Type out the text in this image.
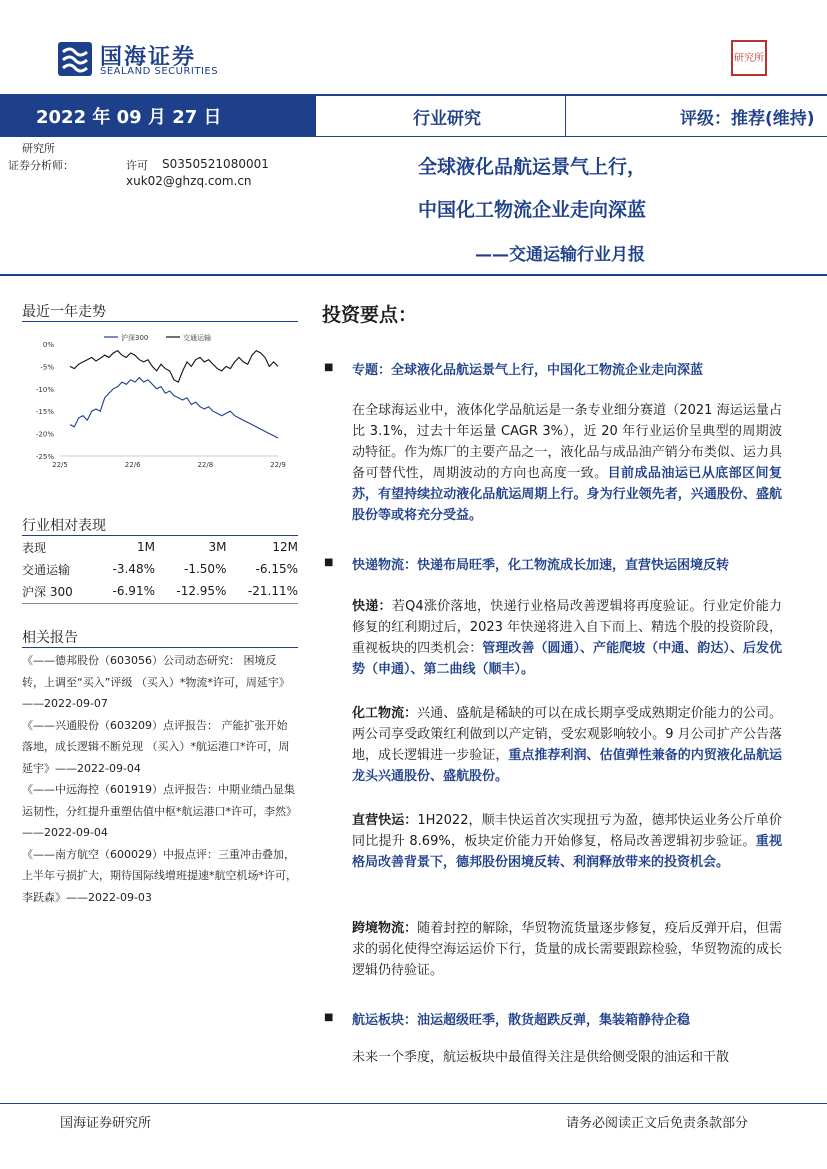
国海证券
SEALAND SECURITIES
研究所
2022 年 09 月 27 日	行业研究	评级：推荐(维持)
研究所
证券分析师：	许可 S0350521080001
xuk02@ghzq.com.cn
全球液化品航运景气上行，
中国化工物流企业走向深蓝
——交通运输行业月报
最近一年走势
0%
-5%
-10%
-15%
-20%
-25%
22/5	22/6	22/8	22/9
沪深300	交通运输
行业相对表现
表现	1M	3M	12M
交通运输	-3.48%	-1.50%	-6.15%
沪深 300	-6.91%	-12.95%	-21.11%
相关报告

《——德邦股份（603056）公司动态研究： 困境反转，上调至“买入”评级 （买入）*物流*许可，周延宇》——2022-09-07

《——兴通股份（603209）点评报告： 产能扩张开始落地，成长逻辑不断兑现 （买入）*航运港口*许可，周延宇》——2022-09-04

《——中远海控（601919）点评报告：中期业绩凸显集运韧性，分红提升重塑估值中枢*航运港口*许可，李然》——2022-09-04

《——南方航空（600029）中报点评：三重冲击叠加，上半年亏损扩大，期待国际线增班提速*航空机场*许可，李跃森》——2022-09-03

投资要点：
■ 专题：全球液化品航运景气上行，中国化工物流企业走向深蓝
在全球海运业中，液体化学品航运是一条专业细分赛道（2021 海运运量占比 3.1%，过去十年运量 CAGR 3%），近 20 年行业运价呈典型的周期波动特征。作为炼厂的主要产品之一，液化品与成品油产销分布类似、运力具备可替代性，周期波动的方向也高度一致。目前成品油运已从底部区间复苏，有望持续拉动液化品航运周期上行。身为行业领先者，兴通股份、盛航股份等或将充分受益。
■ 快递物流：快递布局旺季，化工物流成长加速，直营快运困境反转
快递：若Q4涨价落地，快递行业格局改善逻辑将再度验证。行业定价能力修复的红利期过后，2023 年快递将进入自下而上、精选个股的投资阶段，重视板块的四类机会：管理改善（圆通）、产能爬坡（中通、韵达）、后发优势（申通）、第二曲线（顺丰）。
化工物流：兴通、盛航是稀缺的可以在成长期享受成熟期定价能力的公司。两公司享受政策红利做到以产定销，受宏观影响较小。9 月公司扩产公告落地，成长逻辑进一步验证，重点推荐利润、估值弹性兼备的内贸液化品航运龙头兴通股份、盛航股份。
直营快运：1H2022，顺丰快运首次实现扭亏为盈，德邦快运业务公斤单价同比提升 8.69%，板块定价能力开始修复，格局改善逻辑初步验证。重视格局改善背景下，德邦股份困境反转、利润释放带来的投资机会。
跨境物流：随着封控的解除，华贸物流货量逐步修复，疫后反弹开启，但需求的弱化使得空海运运价下行，货量的成长需要跟踪检验，华贸物流的成长逻辑仍待验证。
■ 航运板块：油运超级旺季，散货超跌反弹，集装箱静待企稳
未来一个季度，航运板块中最值得关注是供给侧受限的油运和干散
国海证券研究所	请务必阅读正文后免责条款部分
